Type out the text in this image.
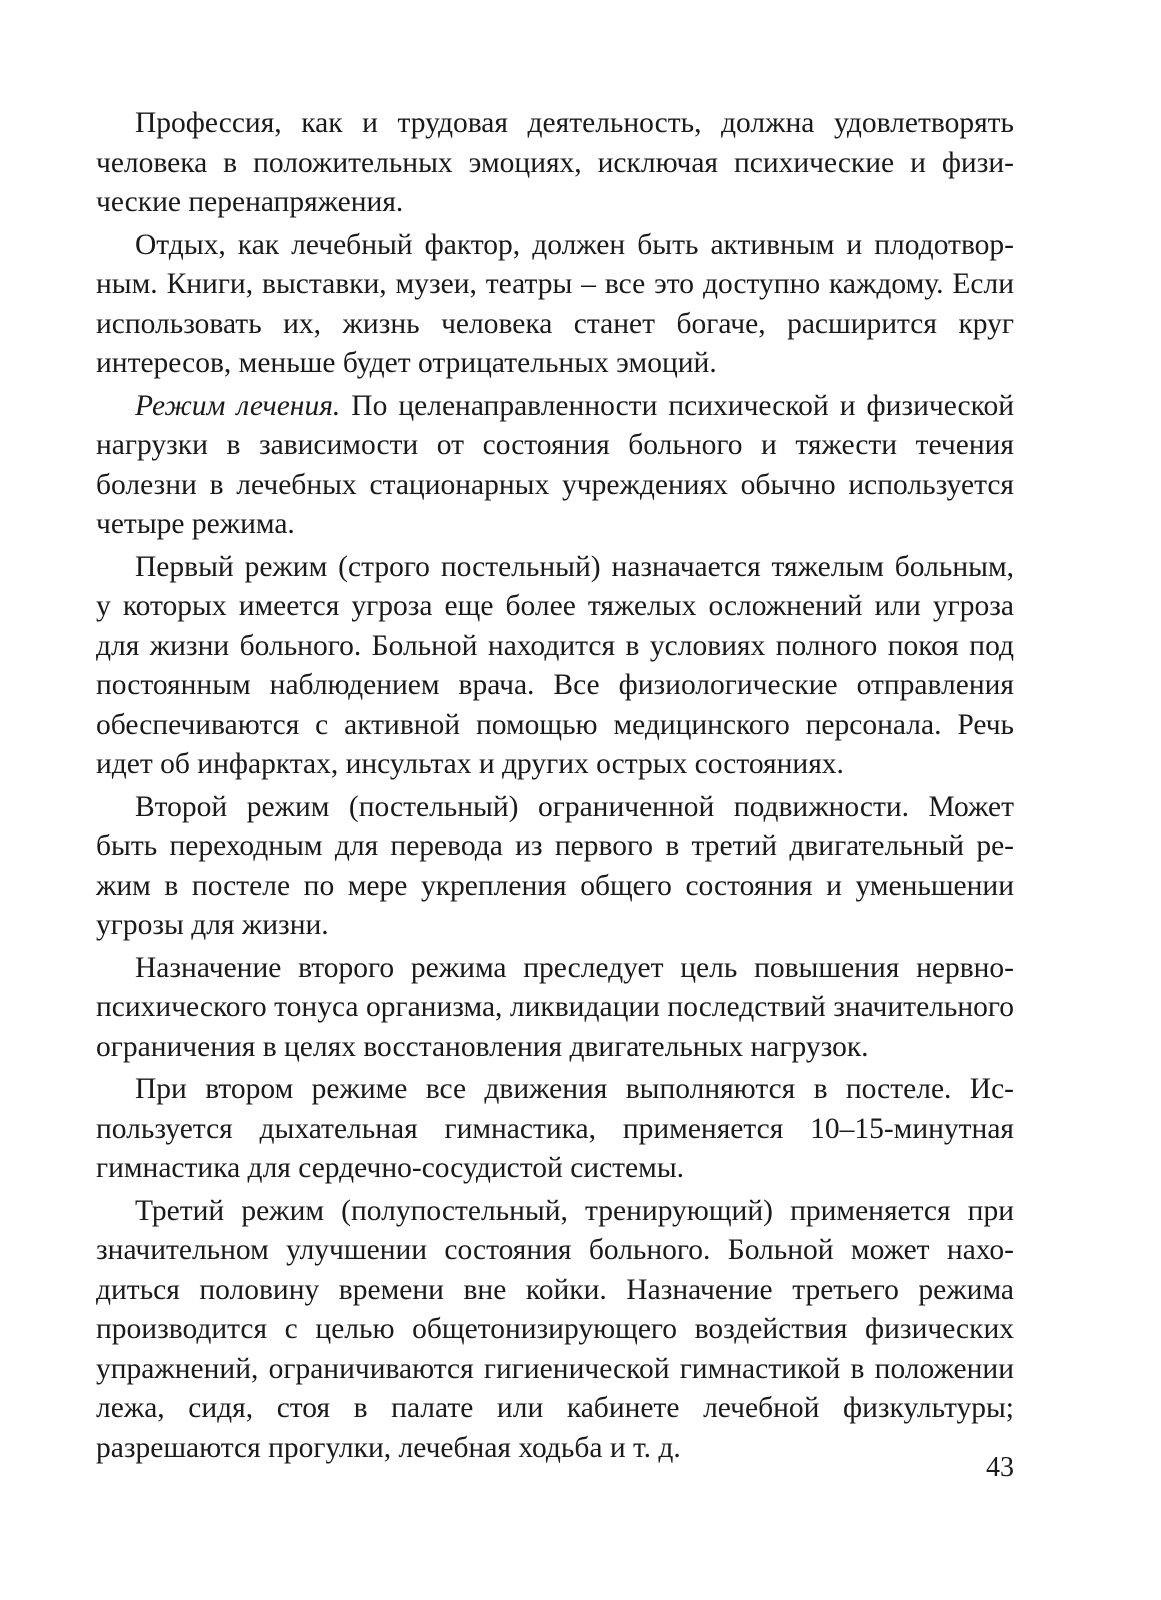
Профессия, как и трудовая деятельность, должна удовлетворять человека в положительных эмоциях, исключая психические и физические перенапряжения.

Отдых, как лечебный фактор, должен быть активным и плодотворным. Книги, выставки, музеи, театры – все это доступно каждому. Если использовать их, жизнь человека станет богаче, расширится круг интересов, меньше будет отрицательных эмоций.

Режим лечения. По целенаправленности психической и физической нагрузки в зависимости от состояния больного и тяжести течения болезни в лечебных стационарных учреждениях обычно используется четыре режима.

Первый режим (строго постельный) назначается тяжелым больным, у которых имеется угроза еще более тяжелых осложнений или угроза для жизни больного. Больной находится в условиях полного покоя под постоянным наблюдением врача. Все физиологические отправления обеспечиваются с активной помощью медицинского персонала. Речь идет об инфарктах, инсультах и других острых состояниях.

Второй режим (постельный) ограниченной подвижности. Может быть переходным для перевода из первого в третий двигательный режим в постеле по мере укрепления общего состояния и уменьшении угрозы для жизни.

Назначение второго режима преследует цель повышения нервнопсихического тонуса организма, ликвидации последствий значительного ограничения в целях восстановления двигательных нагрузок.

При втором режиме все движения выполняются в постеле. Используется дыхательная гимнастика, применяется 10–15-минутная гимнастика для сердечно-сосудистой системы.

Третий режим (полупостельный, тренирующий) применяется при значительном улучшении состояния больного. Больной может находиться половину времени вне койки. Назначение третьего режима производится с целью общетонизирующего воздействия физических упражнений, ограничиваются гигиенической гимнастикой в положении лежа, сидя, стоя в палате или кабинете лечебной физкультуры; разрешаются прогулки, лечебная ходьба и т. д.

43
